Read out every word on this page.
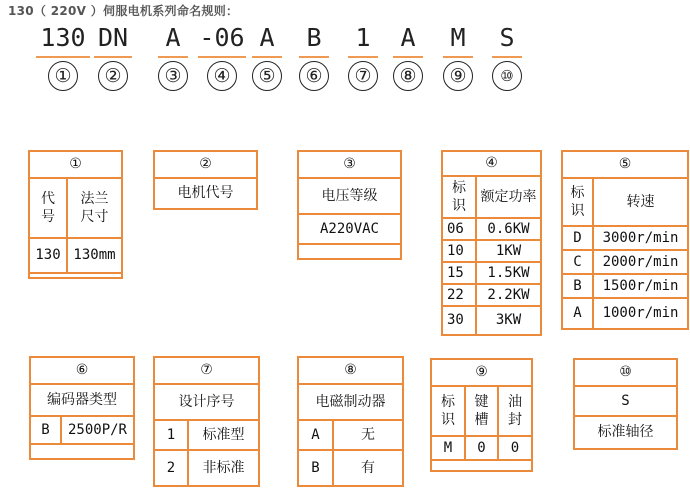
130（ 220V ）伺服电机系列命名规则：
130
①
DN
②
A
③
-06
④
A
⑤
B
⑥
1
⑦
A
⑧
M
⑨
S
⑩
①	
代号	法兰尺寸
130	130mm

②
电机代号
③
电压等级
A220VAC

④	
标识	额定功率
06	0.6KW
10	1KW
15	1.5KW
22	2.2KW
30	3KW
⑤	
标识	转速
D	3000r/min
C	2000r/min
B	1500r/min
A	1000r/min
⑥
编码器类型
B	2500P/R

⑦	
设计序号	
1	标准型
2	非标准
⑧	
电磁制动器	
A	无
B	有
⑨		
标识	键槽	油封
M	0	0

⑩
S
标准轴径
